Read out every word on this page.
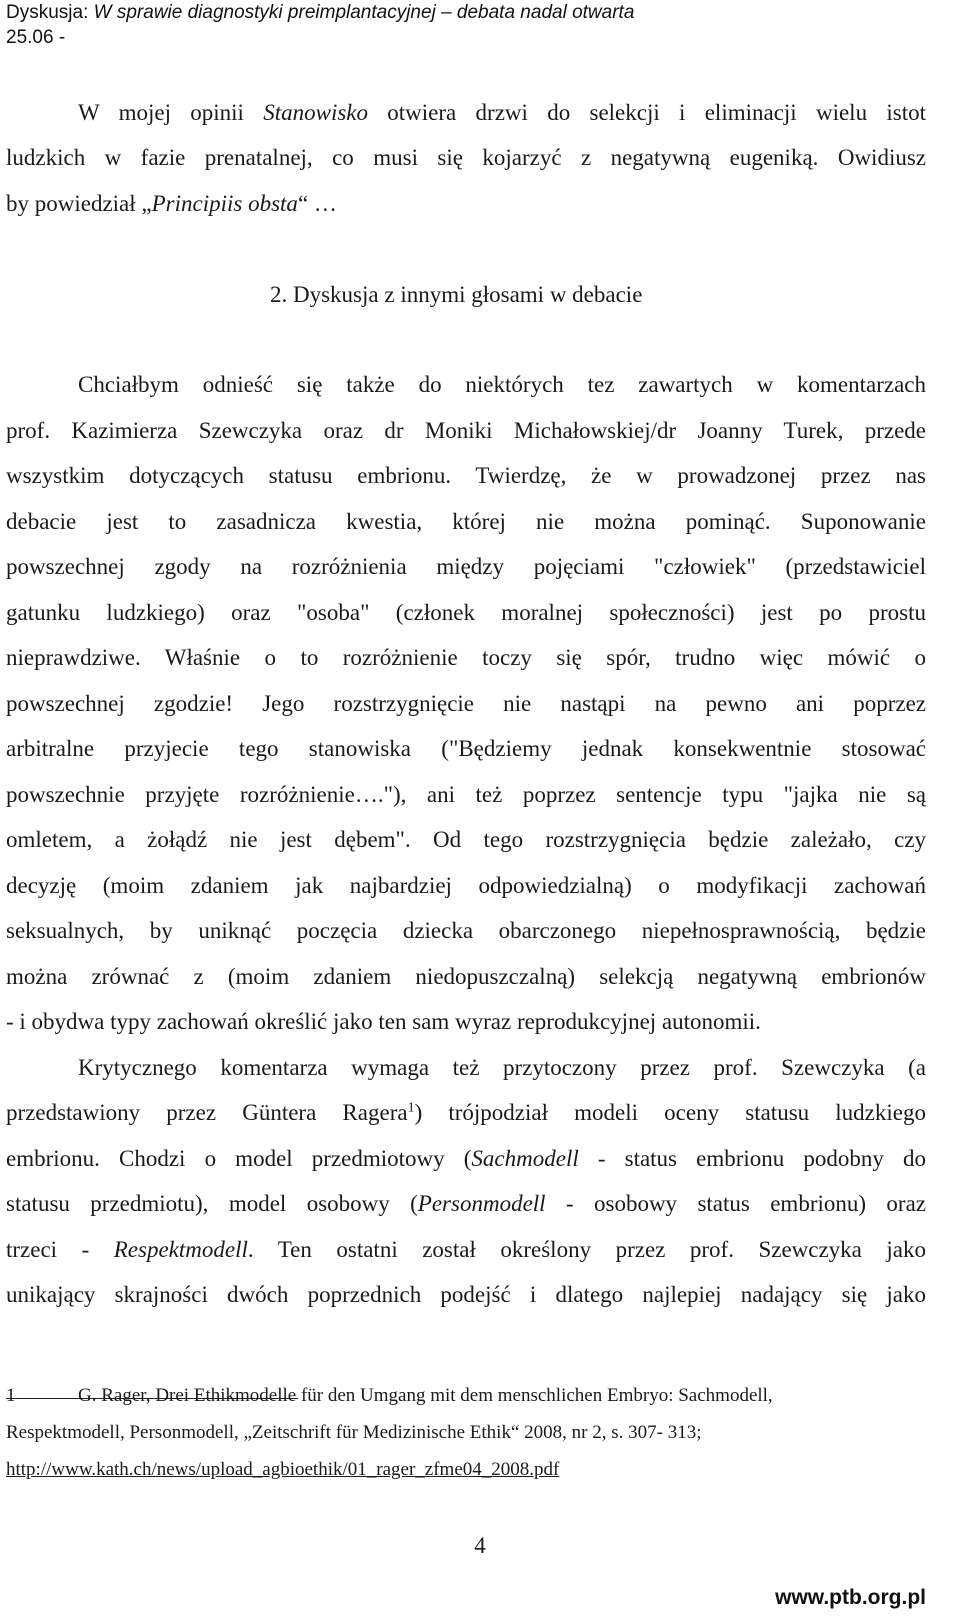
Dyskusja: W sprawie diagnostyki preimplantacyjnej – debata nadal otwarta
25.06 -
W mojej opinii Stanowisko otwiera drzwi do selekcji i eliminacji wielu istot
ludzkich w fazie prenatalnej, co musi się kojarzyć z negatywną eugeniką. Owidiusz
by powiedział „Principiis obsta“ …
2. Dyskusja z innymi głosami w debacie
Chciałbym odnieść się także do niektórych tez zawartych w komentarzach
prof. Kazimierza Szewczyka oraz dr Moniki Michałowskiej/dr Joanny Turek, przede
wszystkim dotyczących statusu embrionu. Twierdzę, że w prowadzonej przez nas
debacie jest to zasadnicza kwestia, której nie można pominąć. Suponowanie
powszechnej zgody na rozróżnienia między pojęciami "człowiek" (przedstawiciel
gatunku ludzkiego) oraz "osoba" (członek moralnej społeczności) jest po prostu
nieprawdziwe. Właśnie o to rozróżnienie toczy się spór, trudno więc mówić o
powszechnej zgodzie! Jego rozstrzygnięcie nie nastąpi na pewno ani poprzez
arbitralne przyjecie tego stanowiska ("Będziemy jednak konsekwentnie stosować
powszechnie przyjęte rozróżnienie…."), ani też poprzez sentencje typu "jajka nie są
omletem, a żołądź nie jest dębem". Od tego rozstrzygnięcia będzie zależało, czy
decyzję (moim zdaniem jak najbardziej odpowiedzialną) o modyfikacji zachowań
seksualnych, by uniknąć poczęcia dziecka obarczonego niepełnosprawnością, będzie
można zrównać z (moim zdaniem niedopuszczalną) selekcją negatywną embrionów
- i obydwa typy zachowań określić jako ten sam wyraz reprodukcyjnej autonomii.
Krytycznego komentarza wymaga też przytoczony przez prof. Szewczyka (a
przedstawiony przez Güntera Ragera$^1$) trójpodział modeli oceny statusu ludzkiego
embrionu. Chodzi o model przedmiotowy (Sachmodell - status embrionu podobny do
statusu przedmiotu), model osobowy (Personmodell - osobowy status embrionu) oraz
trzeci - Respektmodell. Ten ostatni został określony przez prof. Szewczyka jako
unikający skrajności dwóch poprzednich podejść i dlatego najlepiej nadający się jako
1	G. Rager, Drei Ethikmodelle für den Umgang mit dem menschlichen Embryo: Sachmodell,
Respektmodell, Personmodell, „Zeitschrift für Medizinische Ethik“ 2008, nr 2, s. 307- 313;
http://www.kath.ch/news/upload_agbioethik/01_rager_zfme04_2008.pdf
4
www.ptb.org.pl
